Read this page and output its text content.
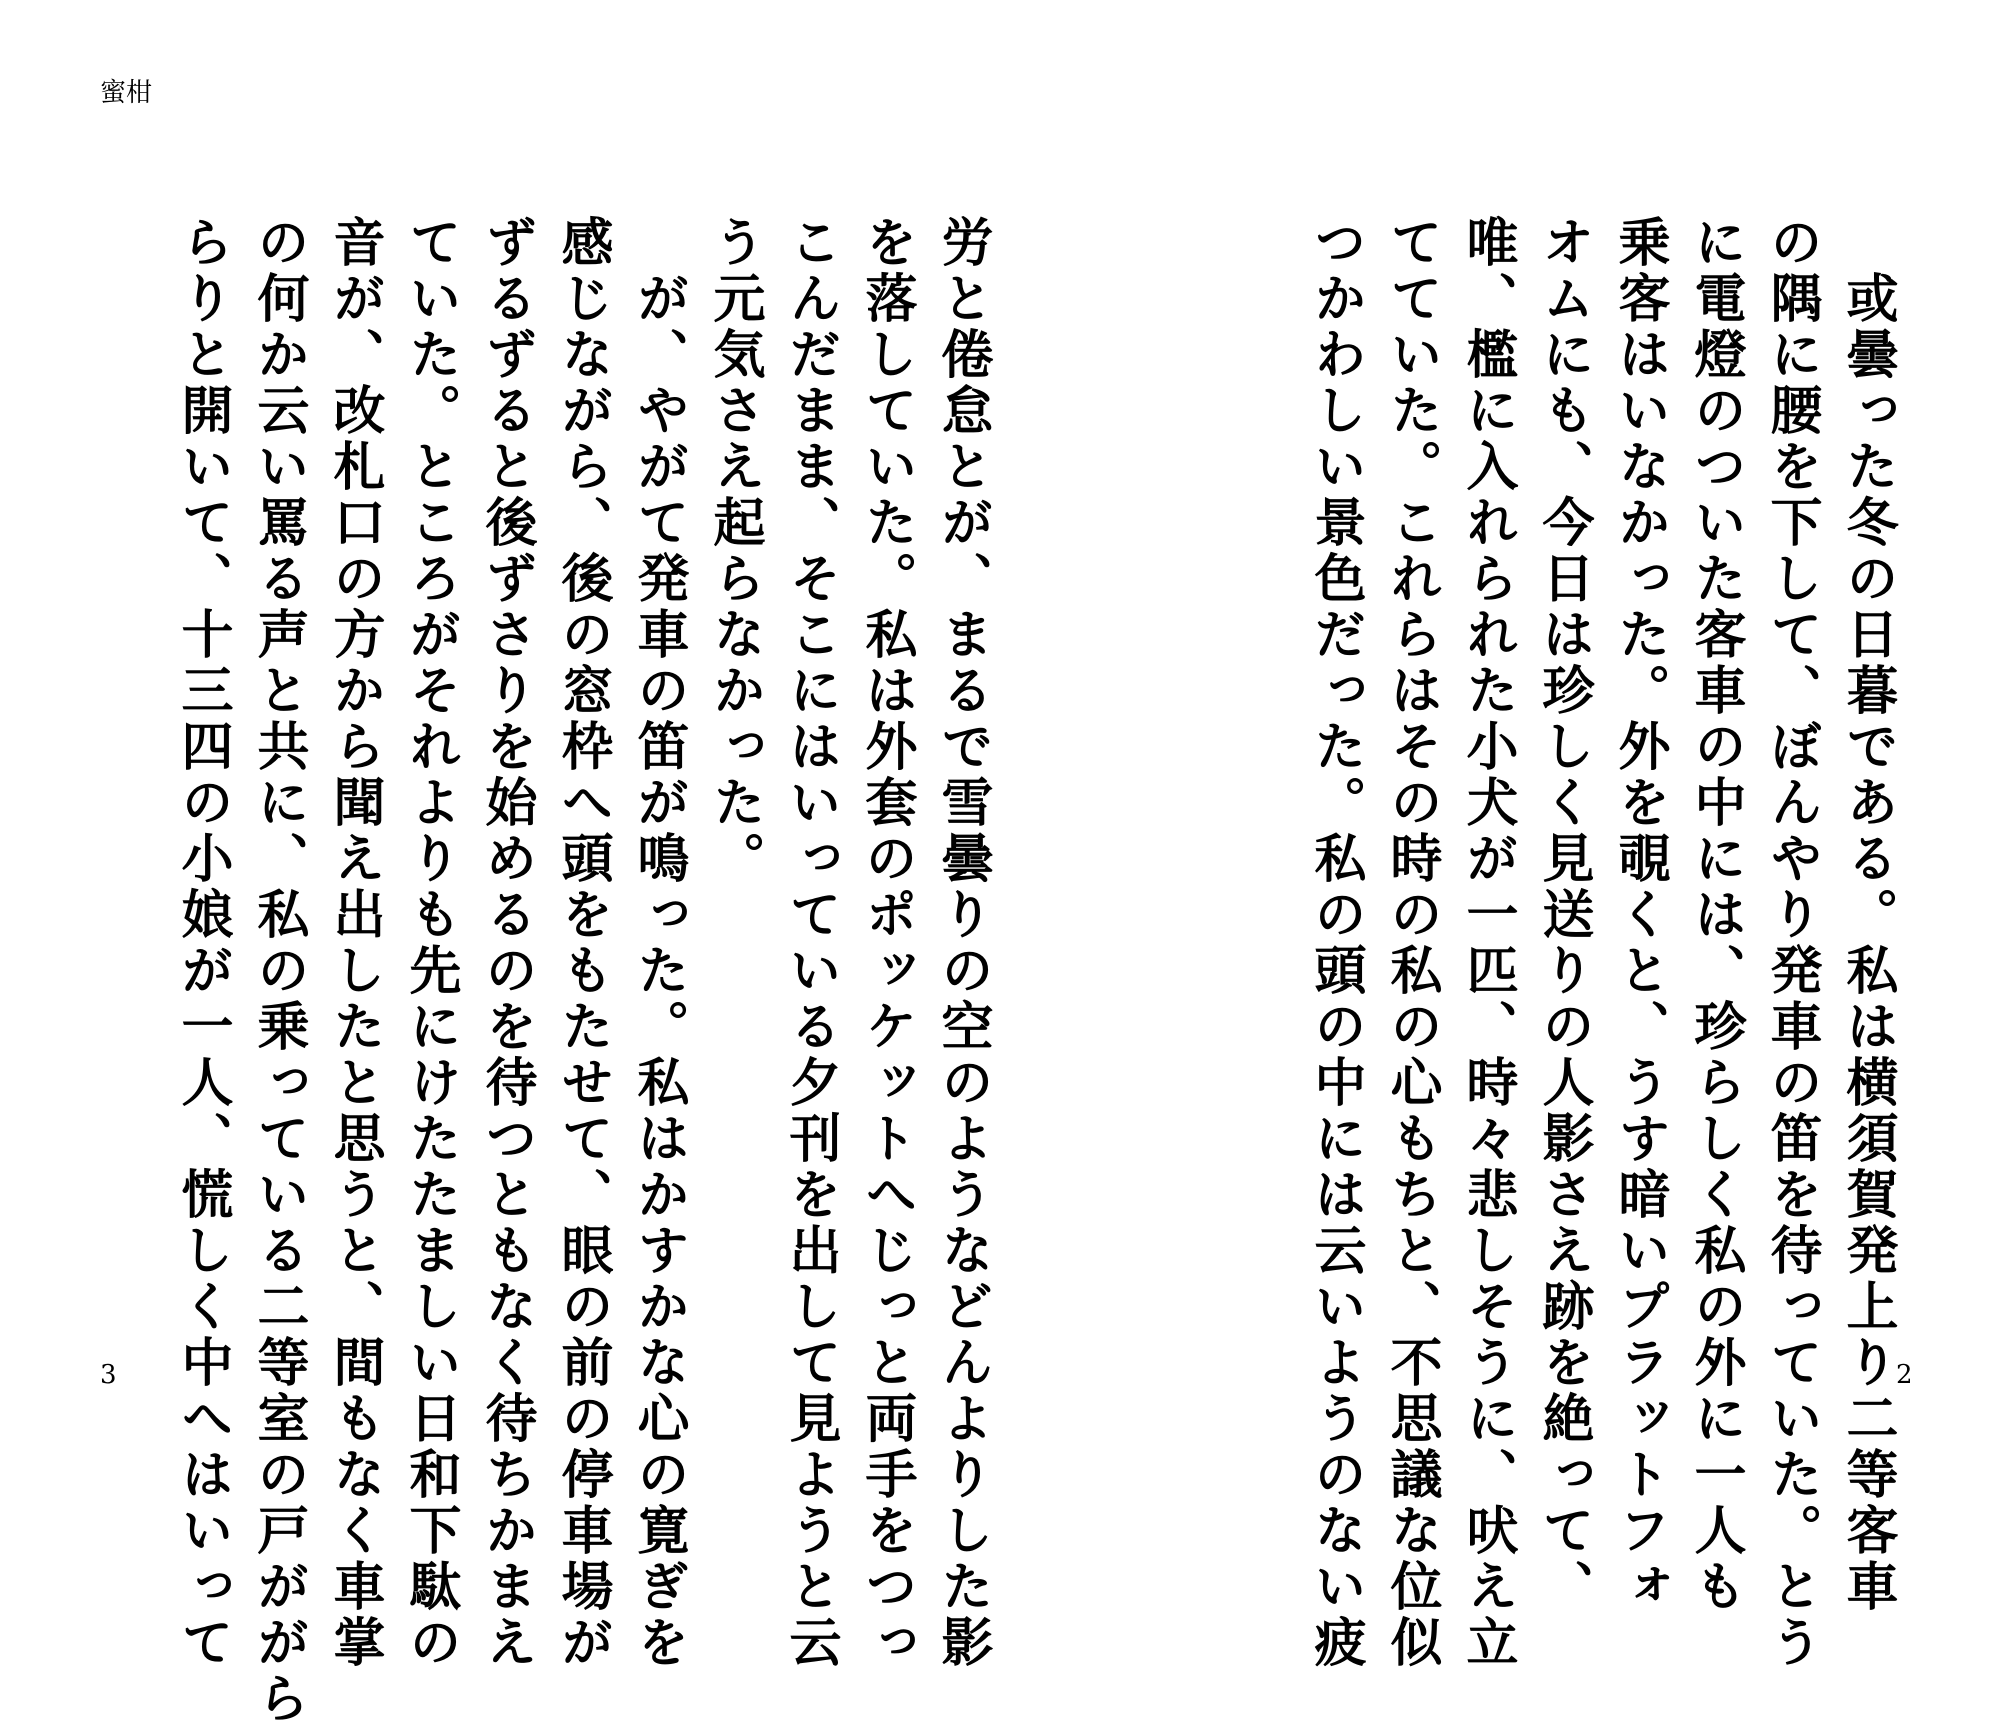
蜜柑
　或曇った冬の日暮である。私は横須賀発上り二等客車
の隅に腰を下して、ぼんやり発車の笛を待っていた。とう
に電燈のついた客車の中には、珍らしく私の外に一人も
乗客はいなかった。外を覗くと、うす暗いプラットフォ
オムにも、今日は珍しく見送りの人影さえ跡を絶って、
唯、檻に入れられた小犬が一匹、時々悲しそうに、吠え立
てていた。これらはその時の私の心もちと、不思議な位似
つかわしい景色だった。私の頭の中には云いようのない疲
労と倦怠とが、まるで雪曇りの空のようなどんよりした影
を落していた。私は外套のポッケットへじっと両手をつっ
こんだまま、そこにはいっている夕刊を出して見ようと云
う元気さえ起らなかった。
　が、やがて発車の笛が鳴った。私はかすかな心の寛ぎを
感じながら、後の窓枠へ頭をもたせて、眼の前の停車場が
ずるずると後ずさりを始めるのを待つともなく待ちかまえ
ていた。ところがそれよりも先にけたたましい日和下駄の
音が、改札口の方から聞え出したと思うと、間もなく車掌
の何か云い罵る声と共に、私の乗っている二等室の戸ががら
らりと開いて、十三四の小娘が一人、慌しく中へはいって
3	2
